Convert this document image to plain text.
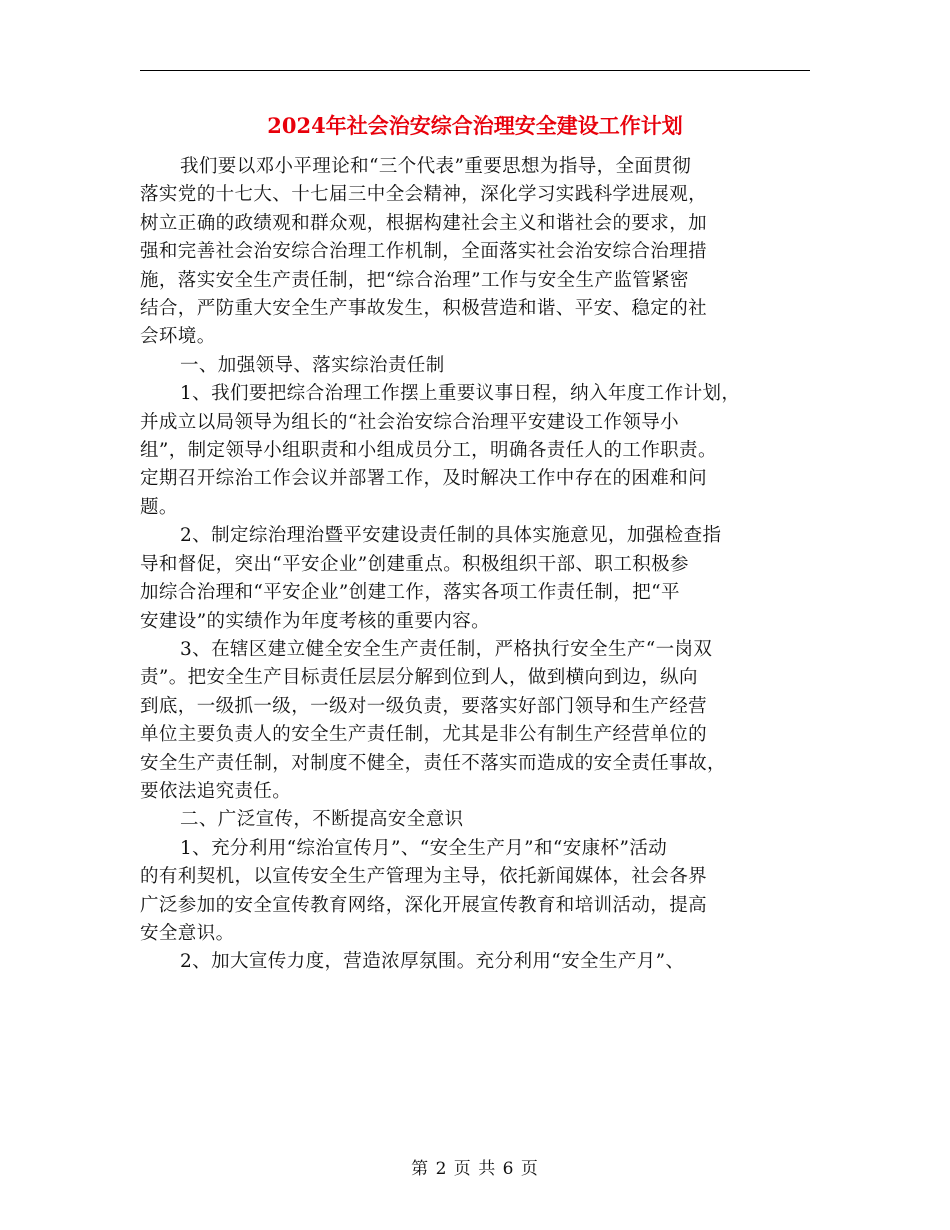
2024年社会治安综合治理安全建设工作计划

我们要以邓小平理论和“三个代表”重要思想为指导，全面贯彻
落实党的十七大、十七届三中全会精神，深化学习实践科学进展观，
树立正确的政绩观和群众观，根据构建社会主义和谐社会的要求，加
强和完善社会治安综合治理工作机制，全面落实社会治安综合治理措
施，落实安全生产责任制，把“综合治理”工作与安全生产监管紧密
结合，严防重大安全生产事故发生，积极营造和谐、平安、稳定的社
会环境。

一、加强领导、落实综治责任制

1、我们要把综合治理工作摆上重要议事日程，纳入年度工作计划，
并成立以局领导为组长的“社会治安综合治理平安建设工作领导小
组”，制定领导小组职责和小组成员分工，明确各责任人的工作职责。
定期召开综治工作会议并部署工作，及时解决工作中存在的困难和问
题。

2、制定综治理治暨平安建设责任制的具体实施意见，加强检查指
导和督促，突出“平安企业”创建重点。积极组织干部、职工积极参
加综合治理和“平安企业”创建工作，落实各项工作责任制，把“平
安建设”的实绩作为年度考核的重要内容。

3、在辖区建立健全安全生产责任制，严格执行安全生产“一岗双
责”。把安全生产目标责任层层分解到位到人，做到横向到边，纵向
到底，一级抓一级，一级对一级负责，要落实好部门领导和生产经营
单位主要负责人的安全生产责任制，尤其是非公有制生产经营单位的
安全生产责任制，对制度不健全，责任不落实而造成的安全责任事故，
要依法追究责任。

二、广泛宣传，不断提高安全意识

1、充分利用“综治宣传月”、“安全生产月”和“安康杯”活动
的有利契机，以宣传安全生产管理为主导，依托新闻媒体，社会各界
广泛参加的安全宣传教育网络，深化开展宣传教育和培训活动，提高
安全意识。

2、加大宣传力度，营造浓厚氛围。充分利用“安全生产月”、

第 2 页 共 6 页
